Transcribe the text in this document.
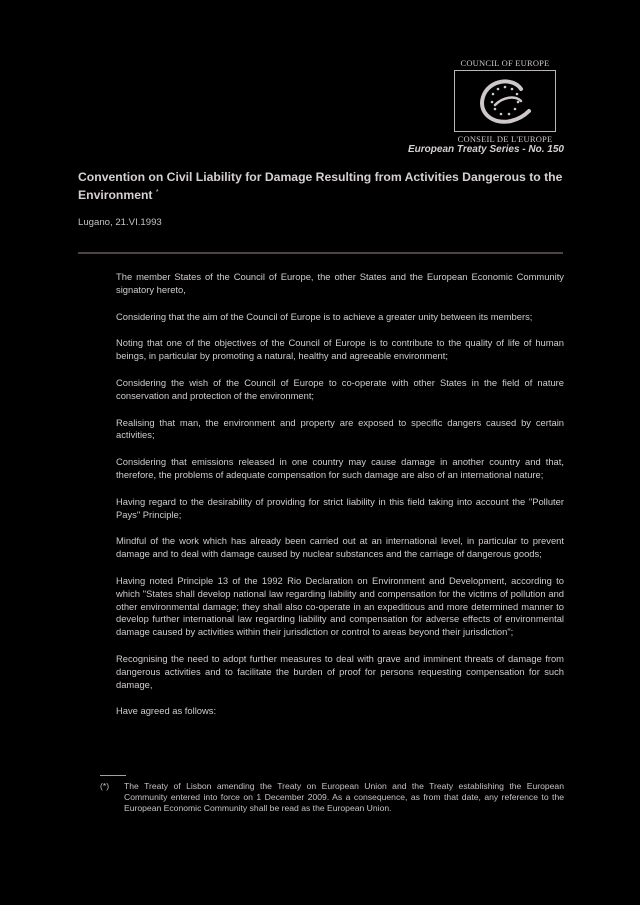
COUNCIL OF EUROPE
CONSEIL DE L'EUROPE
European Treaty Series - No. 150
Convention on Civil Liability for Damage Resulting from Activities Dangerous to the Environment *
Lugano, 21.VI.1993

The member States of the Council of Europe, the other States and the European Economic Community signatory hereto,

Considering that the aim of the Council of Europe is to achieve a greater unity between its members;

Noting that one of the objectives of the Council of Europe is to contribute to the quality of life of human beings, in particular by promoting a natural, healthy and agreeable environment;

Considering the wish of the Council of Europe to co-operate with other States in the field of nature conservation and protection of the environment;

Realising that man, the environment and property are exposed to specific dangers caused by certain activities;

Considering that emissions released in one country may cause damage in another country and that, therefore, the problems of adequate compensation for such damage are also of an international nature;

Having regard to the desirability of providing for strict liability in this field taking into account the "Polluter Pays" Principle;

Mindful of the work which has already been carried out at an international level, in particular to prevent damage and to deal with damage caused by nuclear substances and the carriage of dangerous goods;

Having noted Principle 13 of the 1992 Rio Declaration on Environment and Development, according to which "States shall develop national law regarding liability and compensation for the victims of pollution and other environmental damage; they shall also co-operate in an expeditious and more determined manner to develop further international law regarding liability and compensation for adverse effects of environmental damage caused by activities within their jurisdiction or control to areas beyond their jurisdiction";

Recognising the need to adopt further measures to deal with grave and imminent threats of damage from dangerous activities and to facilitate the burden of proof for persons requesting compensation for such damage,

Have agreed as follows:

(*)	The Treaty of Lisbon amending the Treaty on European Union and the Treaty establishing the European Community entered into force on 1 December 2009. As a consequence, as from that date, any reference to the European Economic Community shall be read as the European Union.
